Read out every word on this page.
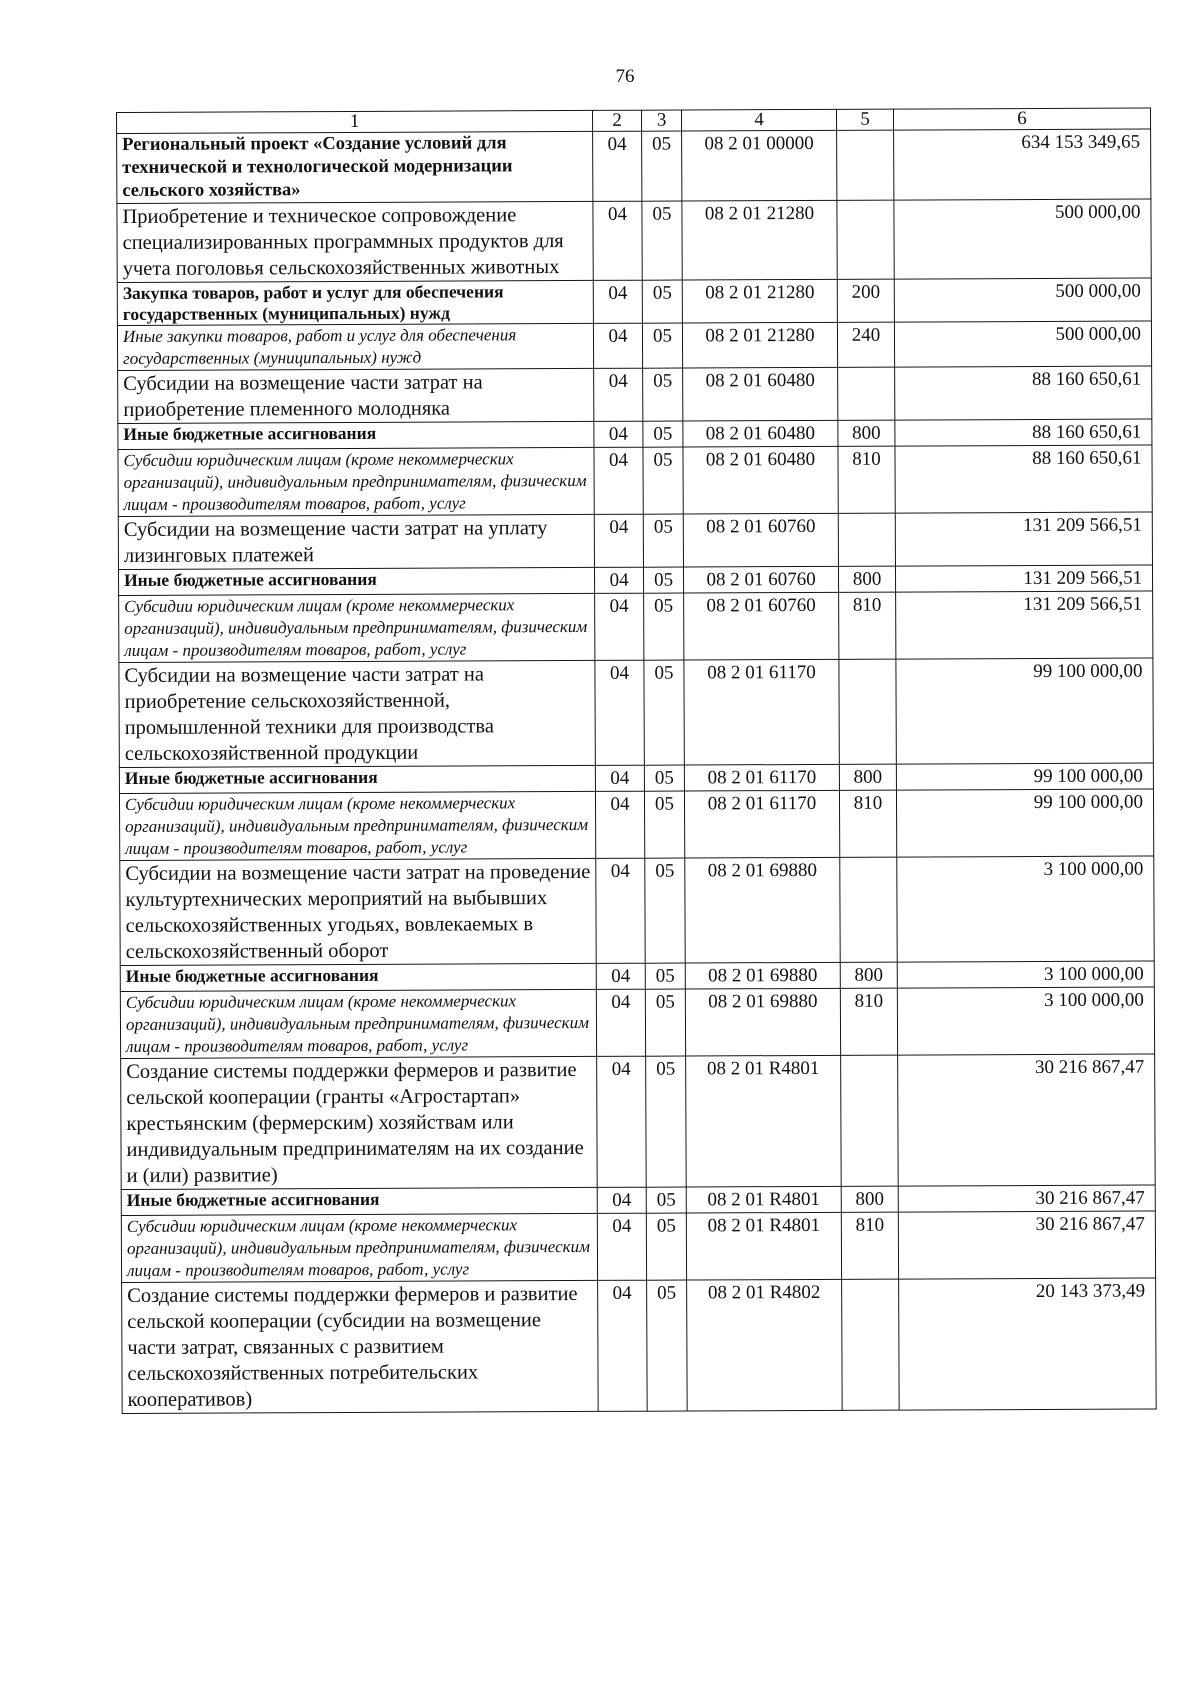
76
1	2	3	4	5	6
Региональный проект «Создание условий для технической и технологической модернизации сельского хозяйства»	04	05	08 2 01 00000		634 153 349,65
Приобретение и техническое сопровождение специализированных программных продуктов для учета поголовья сельскохозяйственных животных	04	05	08 2 01 21280		500 000,00
Закупка товаров, работ и услуг для обеспечения государственных (муниципальных) нужд	04	05	08 2 01 21280	200	500 000,00
Иные закупки товаров, работ и услуг для обеспечения государственных (муниципальных) нужд	04	05	08 2 01 21280	240	500 000,00
Субсидии на возмещение части затрат на приобретение племенного молодняка	04	05	08 2 01 60480		88 160 650,61
Иные бюджетные ассигнования	04	05	08 2 01 60480	800	88 160 650,61
Субсидии юридическим лицам (кроме некоммерческих организаций), индивидуальным предпринимателям, физическим лицам - производителям товаров, работ, услуг	04	05	08 2 01 60480	810	88 160 650,61
Субсидии на возмещение части затрат на уплату лизинговых платежей	04	05	08 2 01 60760		131 209 566,51
Иные бюджетные ассигнования	04	05	08 2 01 60760	800	131 209 566,51
Субсидии юридическим лицам (кроме некоммерческих организаций), индивидуальным предпринимателям, физическим лицам - производителям товаров, работ, услуг	04	05	08 2 01 60760	810	131 209 566,51
Субсидии на возмещение части затрат на приобретение сельскохозяйственной, промышленной техники для производства сельскохозяйственной продукции	04	05	08 2 01 61170		99 100 000,00
Иные бюджетные ассигнования	04	05	08 2 01 61170	800	99 100 000,00
Субсидии юридическим лицам (кроме некоммерческих организаций), индивидуальным предпринимателям, физическим лицам - производителям товаров, работ, услуг	04	05	08 2 01 61170	810	99 100 000,00
Субсидии на возмещение части затрат на проведение культуртехнических мероприятий на выбывших сельскохозяйственных угодьях, вовлекаемых в сельскохозяйственный оборот	04	05	08 2 01 69880		3 100 000,00
Иные бюджетные ассигнования	04	05	08 2 01 69880	800	3 100 000,00
Субсидии юридическим лицам (кроме некоммерческих организаций), индивидуальным предпринимателям, физическим лицам - производителям товаров, работ, услуг	04	05	08 2 01 69880	810	3 100 000,00
Создание системы поддержки фермеров и развитие сельской кооперации (гранты «Агростартап» крестьянским (фермерским) хозяйствам или индивидуальным предпринимателям на их создание и (или) развитие)	04	05	08 2 01 R4801		30 216 867,47
Иные бюджетные ассигнования	04	05	08 2 01 R4801	800	30 216 867,47
Субсидии юридическим лицам (кроме некоммерческих организаций), индивидуальным предпринимателям, физическим лицам - производителям товаров, работ, услуг	04	05	08 2 01 R4801	810	30 216 867,47
Создание системы поддержки фермеров и развитие сельской кооперации (субсидии на возмещение части затрат, связанных с развитием сельскохозяйственных потребительских кооперативов)	04	05	08 2 01 R4802		20 143 373,49
